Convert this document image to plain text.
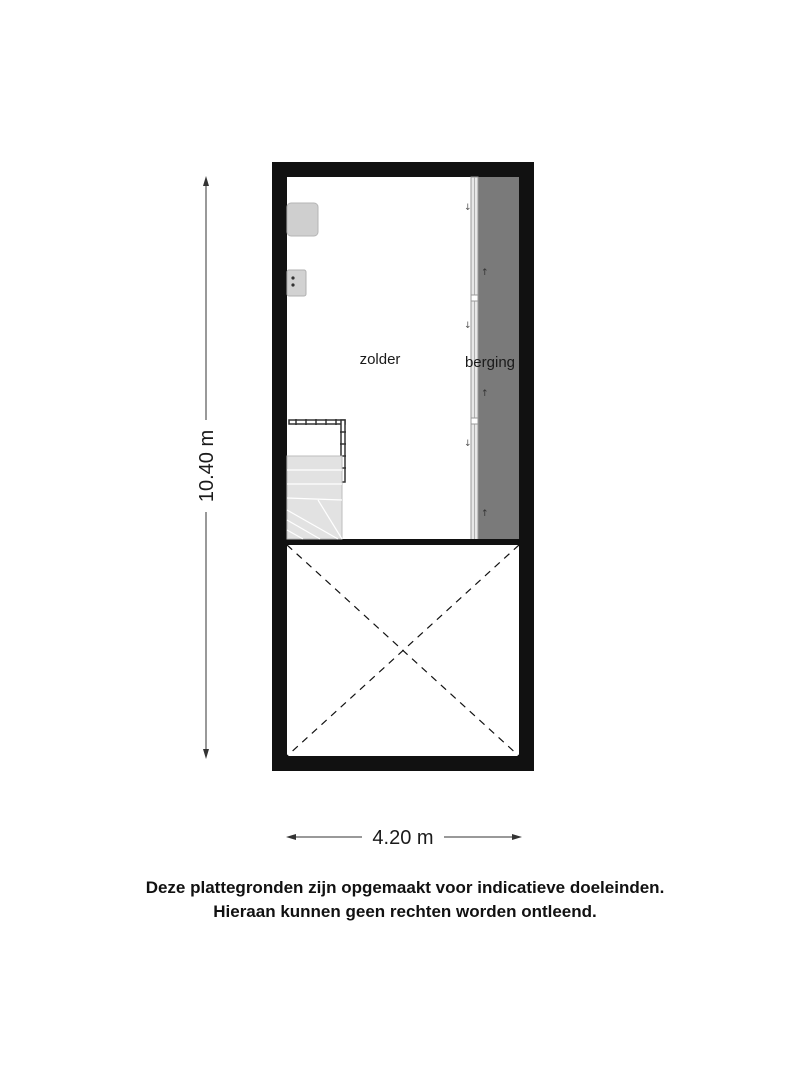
↓
↑
↓
↑
↓
↑
zolder	berging
10.40 m
4.20 m
Deze plattegronden zijn opgemaakt voor indicatieve doeleinden.
Hieraan kunnen geen rechten worden ontleend.
